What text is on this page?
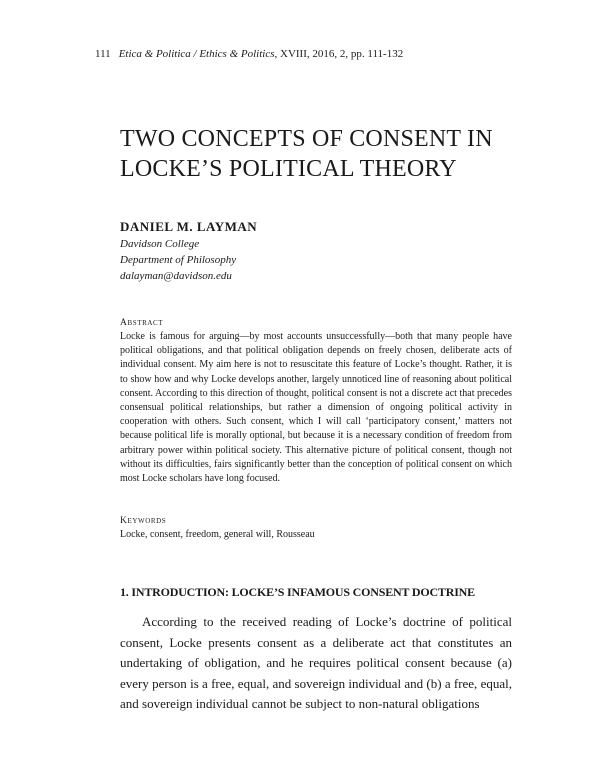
111 Etica & Politica / Ethics & Politics, XVIII, 2016, 2, pp. 111-132
TWO CONCEPTS OF CONSENT IN LOCKE’S POLITICAL THEORY
DANIEL M. LAYMAN
Davidson College
Department of Philosophy
dalayman@davidson.edu
Abstract

Locke is famous for arguing—by most accounts unsuccessfully—both that many people have political obligations, and that political obligation depends on freely chosen, deliberate acts of individual consent. My aim here is not to resuscitate this feature of Locke’s thought. Rather, it is to show how and why Locke develops another, largely unnoticed line of reasoning about political consent. According to this direction of thought, political consent is not a discrete act that precedes consensual political relationships, but rather a dimension of ongoing political activity in cooperation with others. Such consent, which I will call ‘participatory consent,’ matters not because political life is morally optional, but because it is a necessary condition of freedom from arbitrary power within political society. This alternative picture of political consent, though not without its difficulties, fairs significantly better than the conception of political consent on which most Locke scholars have long focused.

Keywords

Locke, consent, freedom, general will, Rousseau

1. INTRODUCTION: LOCKE’S INFAMOUS CONSENT DOCTRINE

According to the received reading of Locke’s doctrine of political consent, Locke presents consent as a deliberate act that constitutes an undertaking of obligation, and he requires political consent because (a) every person is a free, equal, and sovereign individual and (b) a free, equal, and sovereign individual cannot be subject to non-natural obligations
